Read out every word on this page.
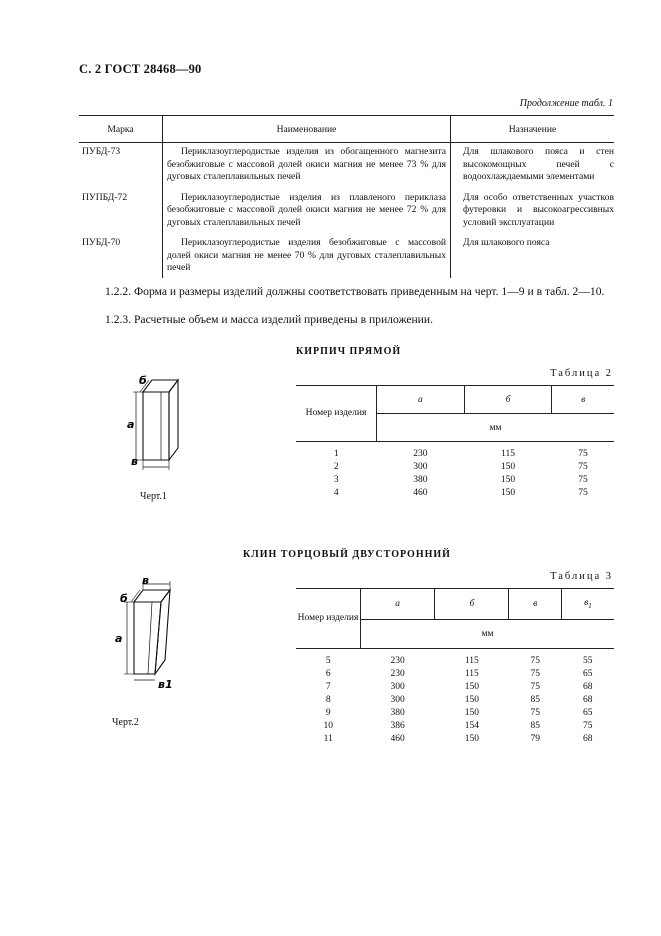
С. 2 ГОСТ 28468—90
Продолжение табл. 1
Марка	Наименование	Назначение
ПУБД-73	Периклазоуглеродистые изделия из обогащенного магнезита безобжиговые с массовой долей окиси магния не менее 73 % для дуговых сталеплавильных печей	Для шлакового пояса и стен высокомощных печей с водоохлаждаемыми элементами
ПУПБД-72	Периклазоуглеродистые изделия из плавленого периклаза безобжиговые с массовой долей окиси магния не менее 72 % для дуговых сталеплавильных печей	Для особо ответственных участков футеровки и высокоагрессивных условий эксплуатации
ПУБД-70	Периклазоуглеродистые изделия безобжиговые с массовой долей окиси магния не менее 70 % для дуговых сталеплавильных печей	Для шлакового пояса
1.2.2. Форма и размеры изделий должны соответствовать приведенным на черт. 1—9 и в табл. 2—10.
1.2.3. Расчетные объем и масса изделий приведены в приложении.
КИРПИЧ ПРЯМОЙ
Таблица 2
а
б
в
Черт.1
Номер изделия	а	б	в
	мм		

1	230	115	75
2	300	150	75
3	380	150	75
4	460	150	75
КЛИН ТОРЦОВЫЙ ДВУСТОРОННИЙ
Таблица 3
в
б
а
в1
Черт.2
Номер изделия	а	б	в	$в_1$
	мм			

5	230	115	75	55
6	230	115	75	65
7	300	150	75	68
8	300	150	85	68
9	380	150	75	65
10	386	154	85	75
11	460	150	79	68
